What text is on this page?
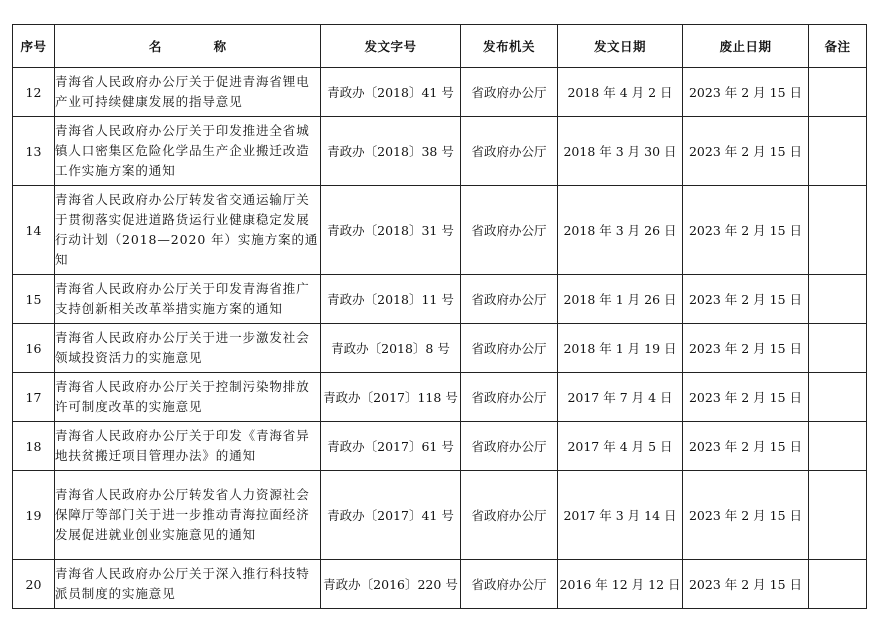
序号	名 称	发文字号	发布机关	发文日期	废止日期	备注
12	青海省人民政府办公厅关于促进青海省锂电产业可持续健康发展的指导意见	青政办〔2018〕41 号	省政府办公厅	2018 年 4 月 2 日	2023 年 2 月 15 日	
13	青海省人民政府办公厅关于印发推进全省城镇人口密集区危险化学品生产企业搬迁改造工作实施方案的通知	青政办〔2018〕38 号	省政府办公厅	2018 年 3 月 30 日	2023 年 2 月 15 日	
14	青海省人民政府办公厅转发省交通运输厅关于贯彻落实促进道路货运行业健康稳定发展行动计划（2018—2020 年）实施方案的通知	青政办〔2018〕31 号	省政府办公厅	2018 年 3 月 26 日	2023 年 2 月 15 日	
15	青海省人民政府办公厅关于印发青海省推广支持创新相关改革举措实施方案的通知	青政办〔2018〕11 号	省政府办公厅	2018 年 1 月 26 日	2023 年 2 月 15 日	
16	青海省人民政府办公厅关于进一步激发社会领域投资活力的实施意见	青政办〔2018〕8 号	省政府办公厅	2018 年 1 月 19 日	2023 年 2 月 15 日	
17	青海省人民政府办公厅关于控制污染物排放许可制度改革的实施意见	青政办〔2017〕118 号	省政府办公厅	2017 年 7 月 4 日	2023 年 2 月 15 日	
18	青海省人民政府办公厅关于印发《青海省异地扶贫搬迁项目管理办法》的通知	青政办〔2017〕61 号	省政府办公厅	2017 年 4 月 5 日	2023 年 2 月 15 日	
19	青海省人民政府办公厅转发省人力资源社会保障厅等部门关于进一步推动青海拉面经济发展促进就业创业实施意见的通知	青政办〔2017〕41 号	省政府办公厅	2017 年 3 月 14 日	2023 年 2 月 15 日	
20	青海省人民政府办公厅关于深入推行科技特派员制度的实施意见	青政办〔2016〕220 号	省政府办公厅	2016 年 12 月 12 日	2023 年 2 月 15 日	
